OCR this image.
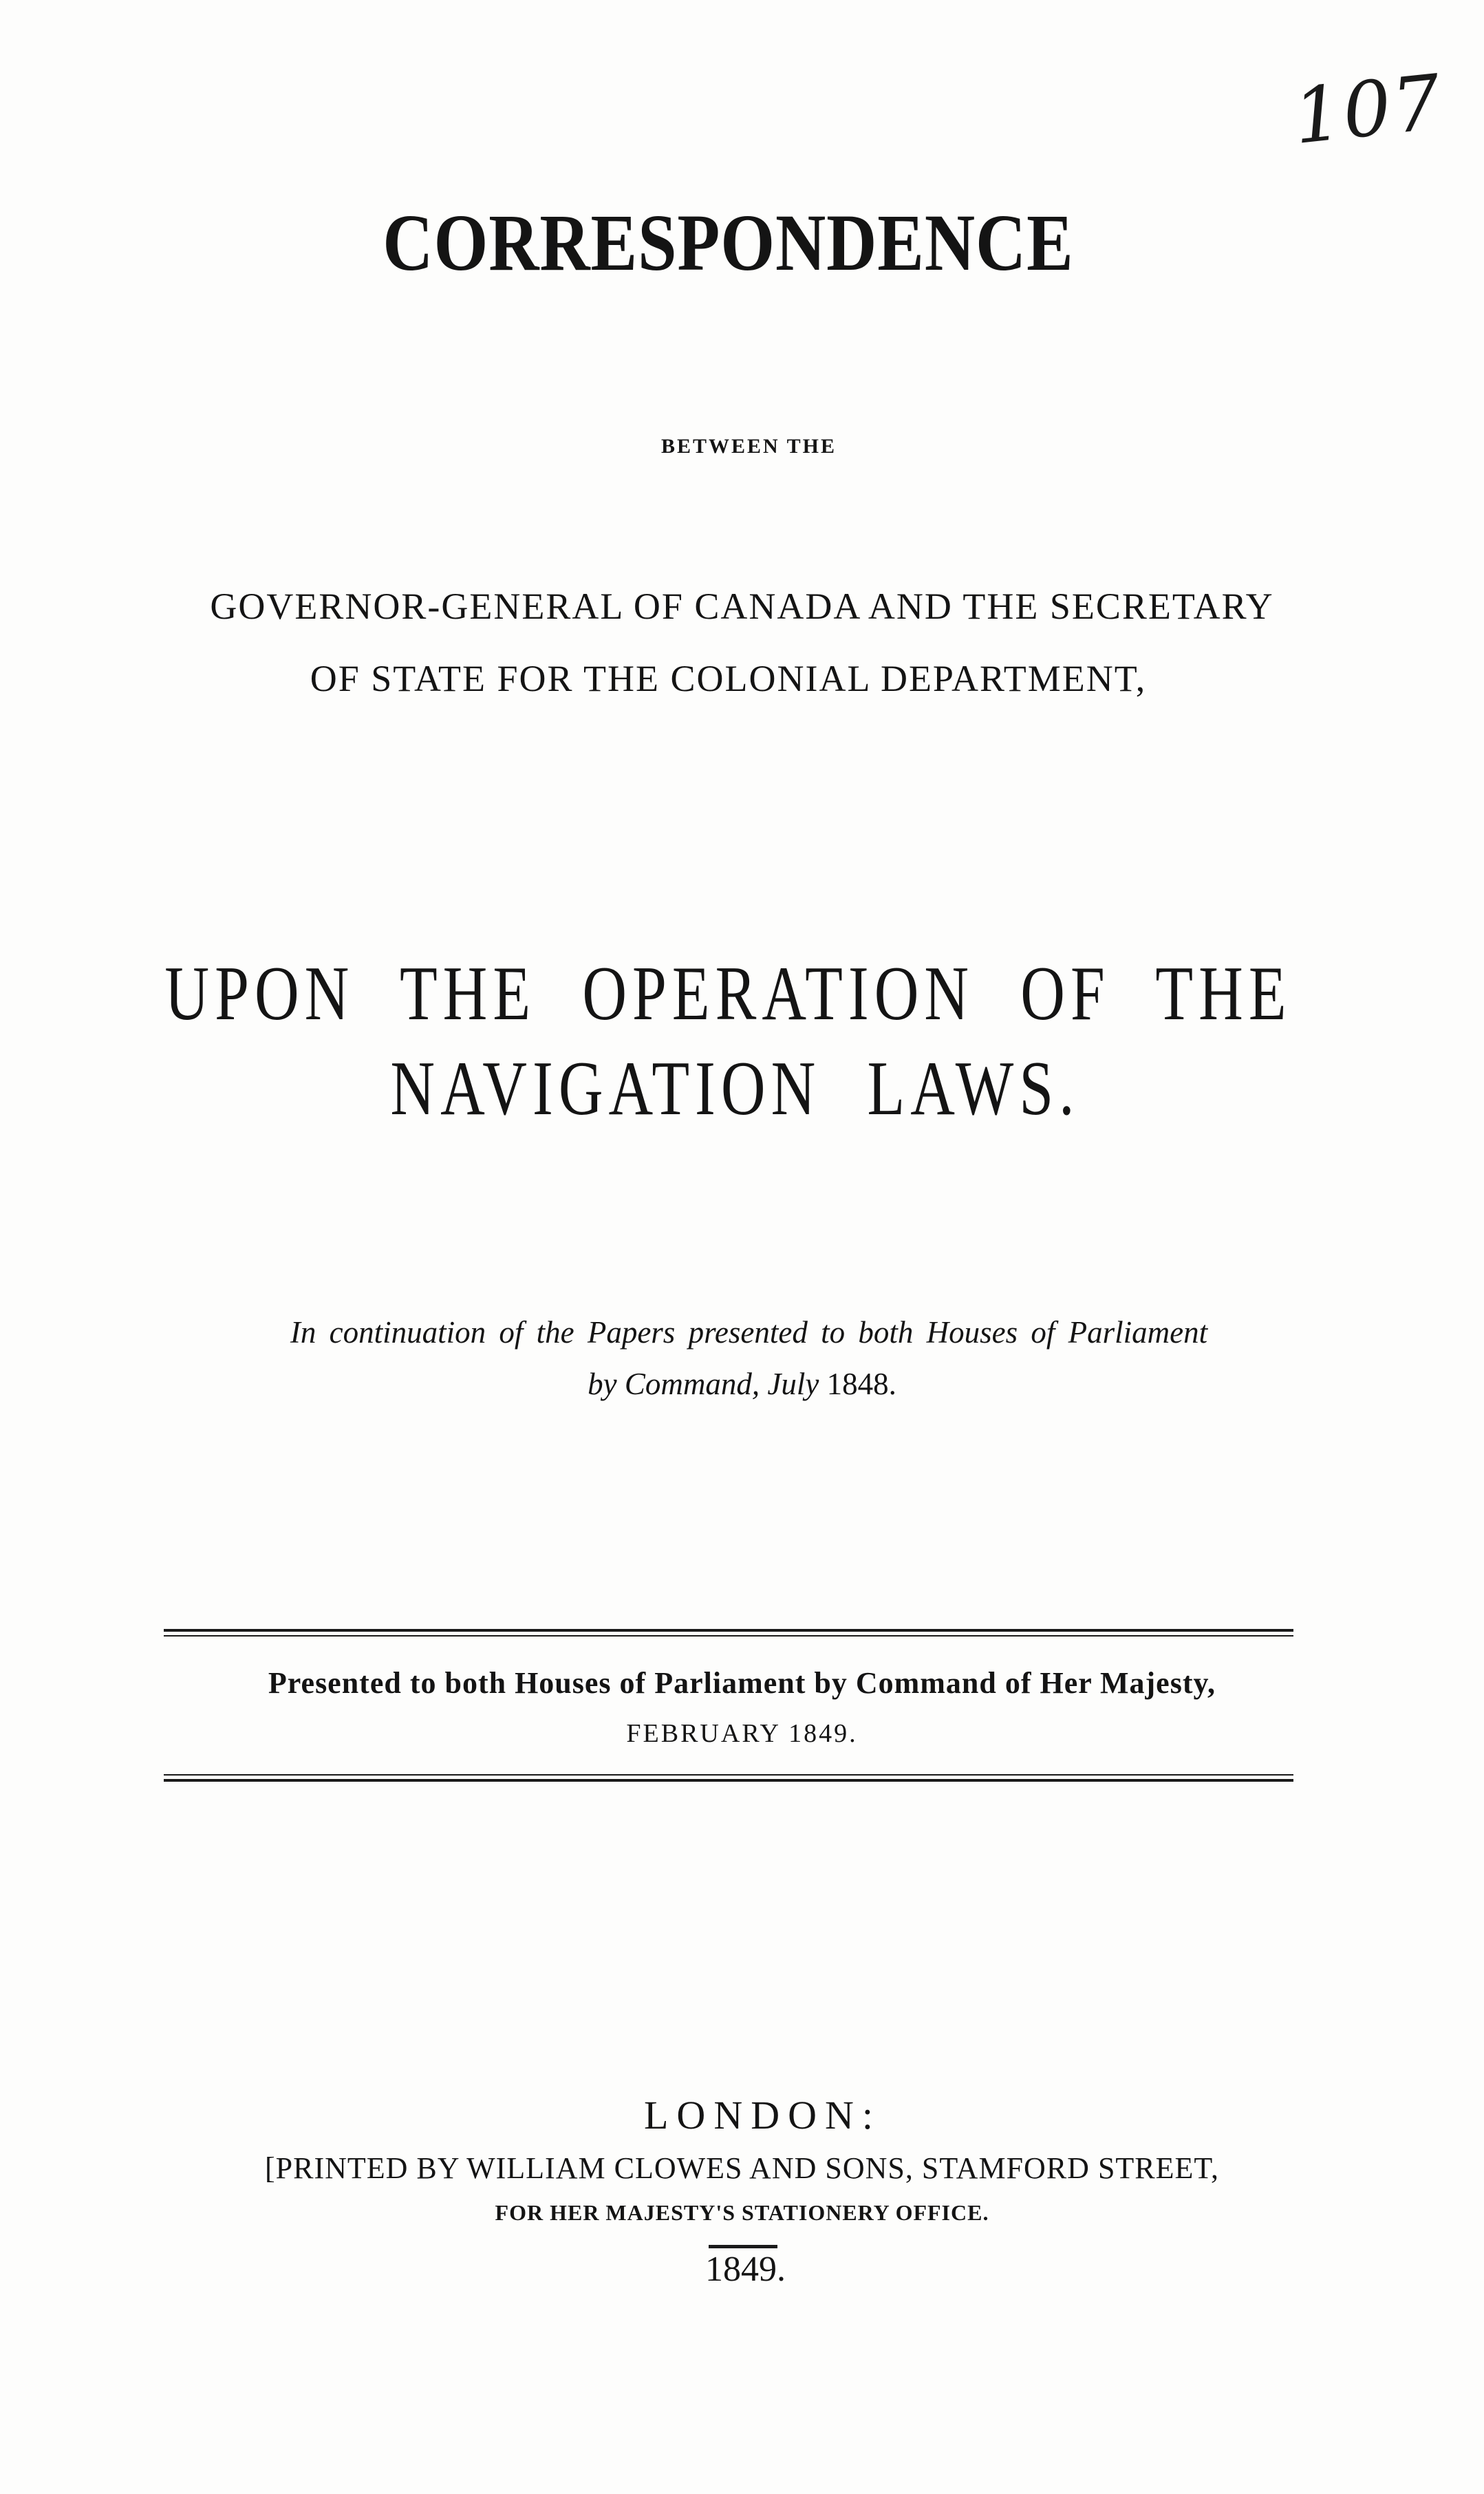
107
CORRESPONDENCE
BETWEEN THE
GOVERNOR-GENERAL OF CANADA AND THE SECRETARY
OF STATE FOR THE COLONIAL DEPARTMENT,
UPON THE OPERATION OF THE
NAVIGATION LAWS.
In continuation of the Papers presented to both Houses of Parliament
by Command, July 1848.
Presented to both Houses of Parliament by Command of Her Majesty,
FEBRUARY 1849.
LONDON:
[PRINTED BY WILLIAM CLOWES AND SONS, STAMFORD STREET,
FOR HER MAJESTY'S STATIONERY OFFICE.
1849.
